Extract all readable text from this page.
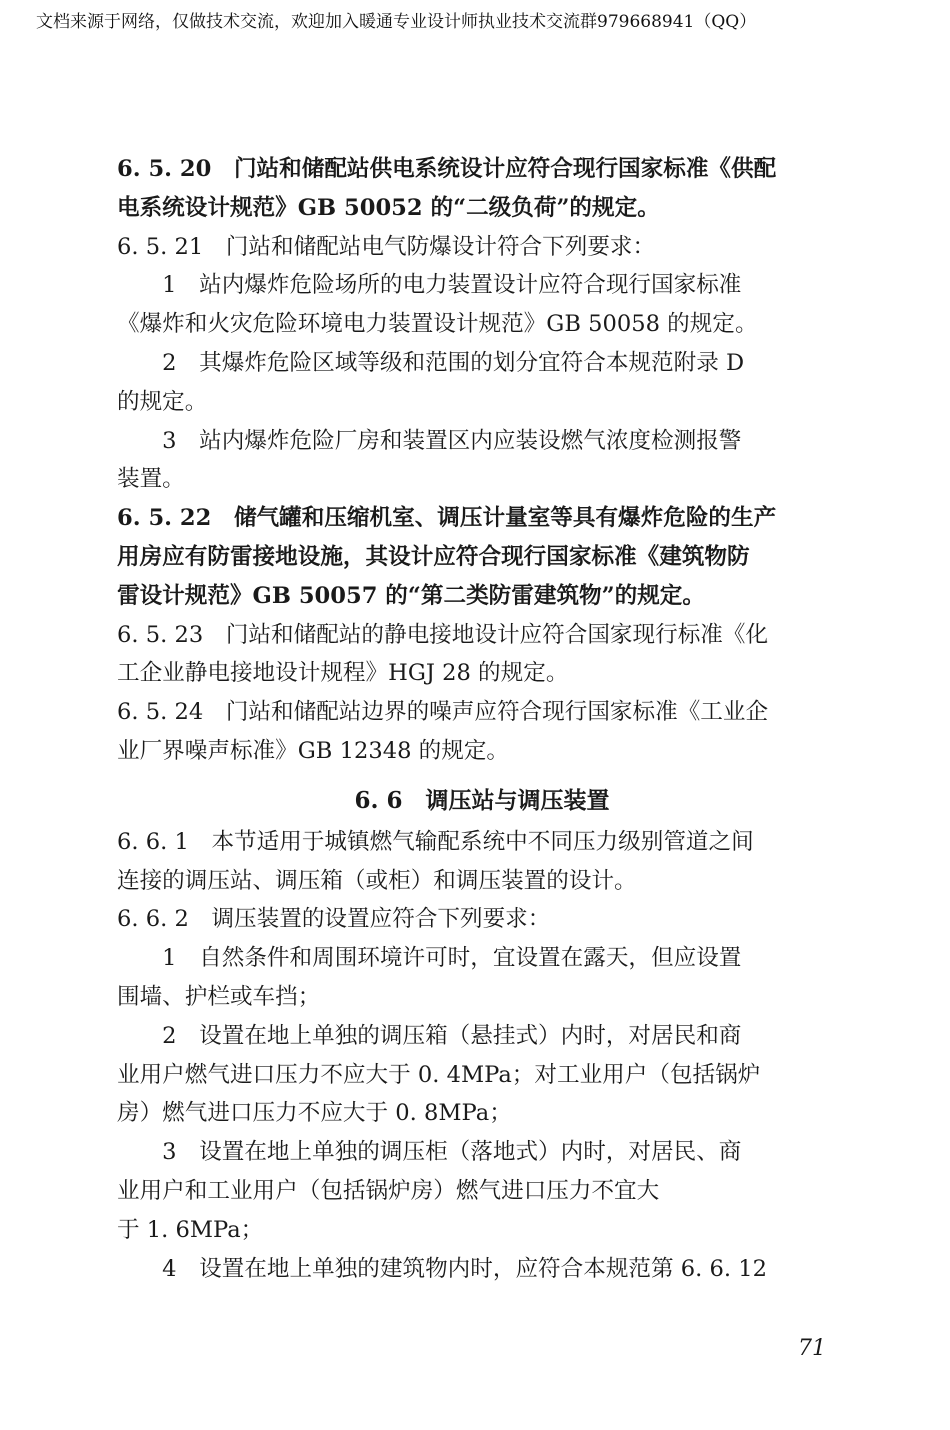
文档来源于网络，仅做技术交流，欢迎加入暖通专业设计师执业技术交流群979668941（QQ）

6. 5. 20　门站和储配站供电系统设计应符合现行国家标准《供配
电系统设计规范》GB 50052 的“二级负荷”的规定。

6. 5. 21　门站和储配站电气防爆设计符合下列要求：

　　1　站内爆炸危险场所的电力装置设计应符合现行国家标准
《爆炸和火灾危险环境电力装置设计规范》GB 50058 的规定。

　　2　其爆炸危险区域等级和范围的划分宜符合本规范附录 D
的规定。

　　3　站内爆炸危险厂房和装置区内应装设燃气浓度检测报警
装置。

6. 5. 22　储气罐和压缩机室、调压计量室等具有爆炸危险的生产
用房应有防雷接地设施，其设计应符合现行国家标准《建筑物防
雷设计规范》GB 50057 的“第二类防雷建筑物”的规定。

6. 5. 23　门站和储配站的静电接地设计应符合国家现行标准《化
工企业静电接地设计规程》HGJ 28 的规定。

6. 5. 24　门站和储配站边界的噪声应符合现行国家标准《工业企
业厂界噪声标准》GB 12348 的规定。

6. 6　调压站与调压装置

6. 6. 1　本节适用于城镇燃气输配系统中不同压力级别管道之间
连接的调压站、调压箱（或柜）和调压装置的设计。

6. 6. 2　调压装置的设置应符合下列要求：

　　1　自然条件和周围环境许可时，宜设置在露天，但应设置
围墙、护栏或车挡；

　　2　设置在地上单独的调压箱（悬挂式）内时，对居民和商
业用户燃气进口压力不应大于 0. 4MPa；对工业用户（包括锅炉
房）燃气进口压力不应大于 0. 8MPa；

　　3　设置在地上单独的调压柜（落地式）内时，对居民、商
业用户和工业用户（包括锅炉房）燃气进口压力不宜大
于 1. 6MPa；

　　4　设置在地上单独的建筑物内时，应符合本规范第 6. 6. 12

71
